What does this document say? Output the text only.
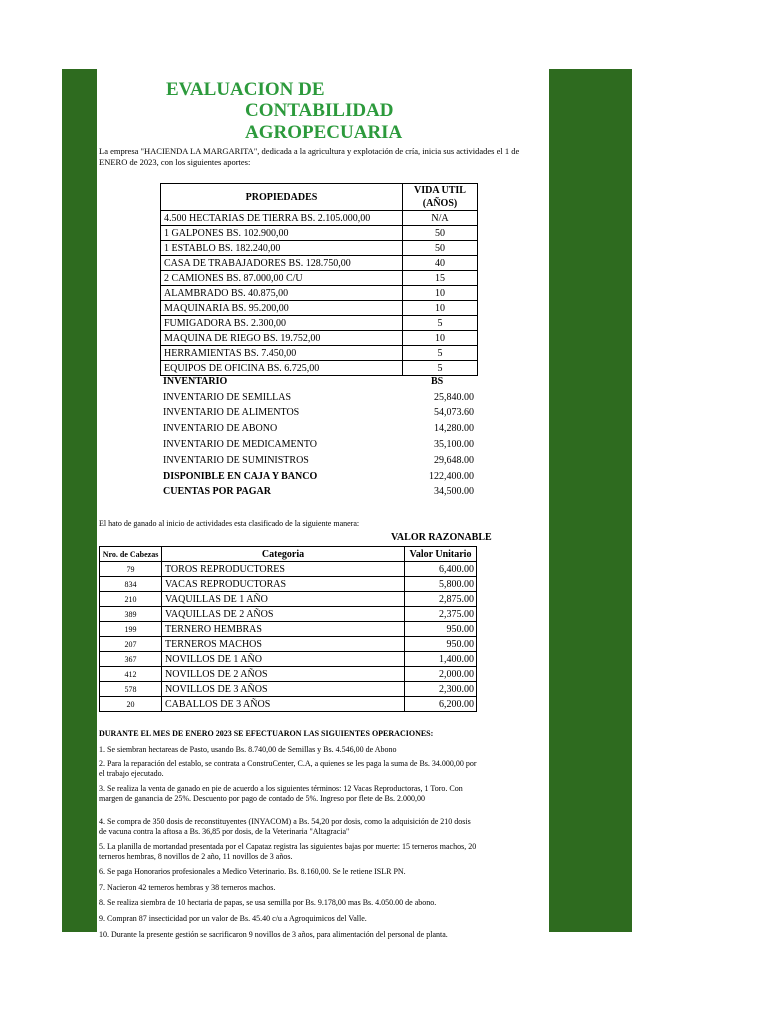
EVALUACION DE
CONTABILIDAD
AGROPECUARIA
La empresa "HACIENDA LA MARGARITA", dedicada a la agricultura y explotación de cría, inicia sus actividades el 1 de ENERO de 2023, con los siguientes aportes:
PROPIEDADES	VIDA UTIL
(AÑOS)
4.500 HECTARIAS DE TIERRA BS. 2.105.000,00	N/A
1 GALPONES BS. 102.900,00	50
1 ESTABLO BS. 182.240,00	50
CASA DE TRABAJADORES BS. 128.750,00	40
2 CAMIONES BS. 87.000,00 C/U	15
ALAMBRADO BS. 40.875,00	10
MAQUINARIA BS. 95.200,00	10
FUMIGADORA BS. 2.300,00	5
MAQUINA DE RIEGO BS. 19.752,00	10
HERRAMIENTAS BS. 7.450,00	5
EQUIPOS DE OFICINA BS. 6.725,00	5
INVENTARIO	BS
INVENTARIO DE SEMILLAS	25,840.00
INVENTARIO DE ALIMENTOS	54,073.60
INVENTARIO DE ABONO	14,280.00
INVENTARIO DE MEDICAMENTO	35,100.00
INVENTARIO DE SUMINISTROS	29,648.00
DISPONIBLE EN CAJA Y BANCO	122,400.00
CUENTAS POR PAGAR	34,500.00
El hato de ganado al inicio de actividades esta clasificado de la siguiente manera:
VALOR RAZONABLE
Nro. de Cabezas	Categoria	Valor Unitario
79	TOROS REPRODUCTORES	6,400.00
834	VACAS REPRODUCTORAS	5,800.00
210	VAQUILLAS DE 1 AÑO	2,875.00
389	VAQUILLAS DE 2 AÑOS	2,375.00
199	TERNERO HEMBRAS	950.00
207	TERNEROS MACHOS	950.00
367	NOVILLOS DE 1 AÑO	1,400.00
412	NOVILLOS DE 2 AÑOS	2,000.00
578	NOVILLOS DE 3 AÑOS	2,300.00
20	CABALLOS DE 3 AÑOS	6,200.00
DURANTE EL MES DE ENERO 2023 SE EFECTUARON LAS SIGUIENTES OPERACIONES:
1. Se siembran hectareas de Pasto, usando Bs. 8.740,00 de Semillas y Bs. 4.546,00 de Abono
2. Para la reparación del establo, se contrata a ConstruCenter, C.A, a quienes se les paga la suma de Bs. 34.000,00 por el trabajo ejecutado.
3. Se realiza la venta de ganado en pie de acuerdo a los siguientes términos: 12 Vacas Reproductoras, 1 Toro. Con margen de ganancia de 25%. Descuento por pago de contado de 5%. Ingreso por flete de Bs. 2.000,00
4. Se compra de 350 dosis de reconstituyentes (INYACOM) a Bs. 54,20 por dosis, como la adquisición de 210 dosis de vacuna contra la aftosa a Bs. 36,85 por dosis, de la Veterinaria "Altagracia"
5. La planilla de mortandad presentada por el Capataz registra las siguientes bajas por muerte: 15 terneros machos, 20 terneros hembras, 8 novillos de 2 año, 11 novillos de 3 años.
6. Se paga Honorarios profesionales a Medico Veterinario. Bs. 8.160,00. Se le retiene ISLR PN.
7. Nacieron 42 terneros hembras y 38 terneros machos.
8. Se realiza siembra de 10 hectaria de papas, se usa semilla por Bs. 9.178,00 mas Bs. 4.050.00 de abono.
9. Compran 87 insecticidad por un valor de Bs. 45.40 c/u a Agroquimicos del Valle.
10. Durante la presente gestión se sacrificaron 9 novillos de 3 años, para alimentación del personal de planta.
